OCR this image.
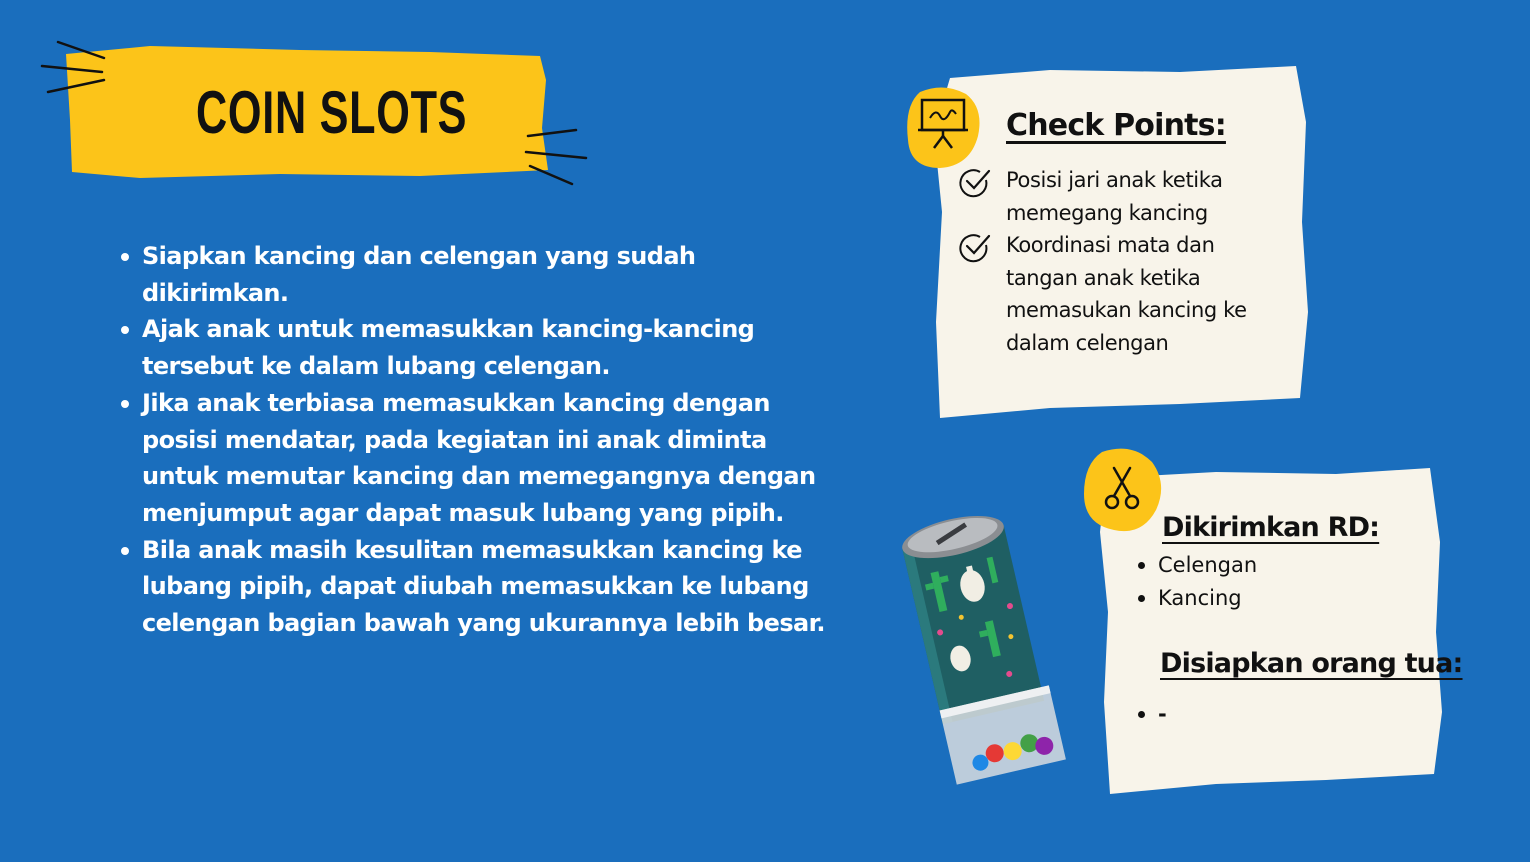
COIN SLOTS
Siapkan kancing dan celengan yang sudah dikirimkan.
Ajak anak untuk memasukkan kancing-kancing tersebut ke dalam lubang celengan.
Jika anak terbiasa memasukkan kancing dengan posisi mendatar, pada kegiatan ini anak diminta untuk memutar kancing dan memegangnya dengan menjumput agar dapat masuk lubang yang pipih.
Bila anak masih kesulitan memasukkan kancing ke lubang pipih, dapat diubah memasukkan ke lubang celengan bagian bawah yang ukurannya lebih besar.
Check Points:
Posisi jari anak ketika memegang kancing
Koordinasi mata dan tangan anak ketika memasukan kancing ke dalam celengan
Dikirimkan RD:
Celengan
Kancing
Disiapkan orang tua:
-
